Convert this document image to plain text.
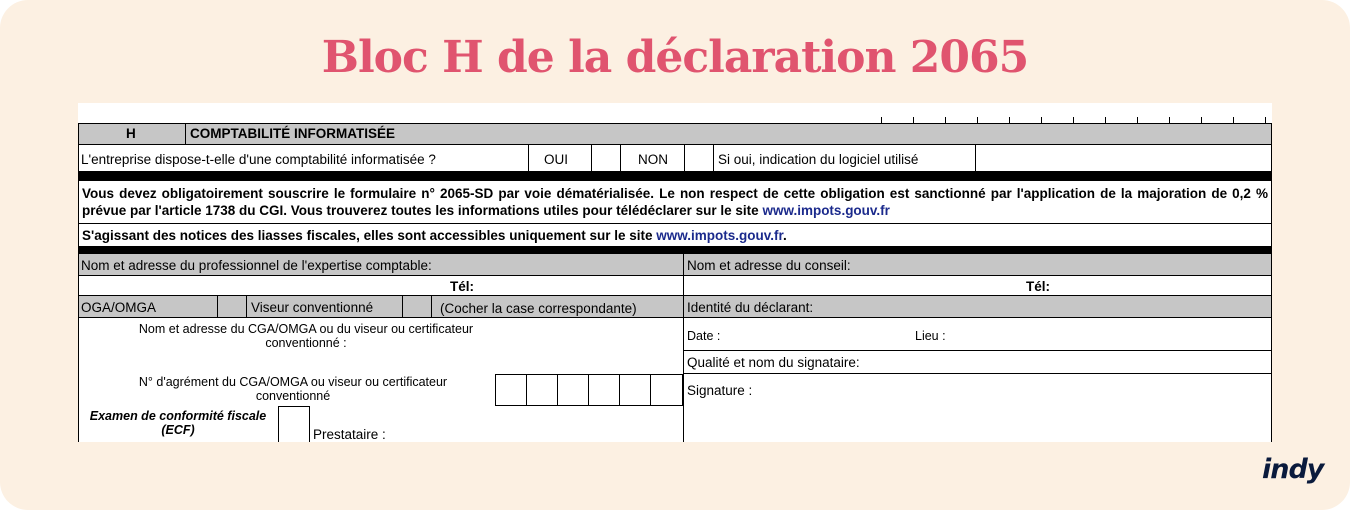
Bloc H de la déclaration 2065
H	COMPTABILITÉ INFORMATISÉE
L'entreprise dispose-t-elle d'une comptabilité informatisée ?	OUI	NON	Si oui, indication du logiciel utilisé
Vous devez obligatoirement souscrire le formulaire n° 2065-SD par voie dématérialisée. Le non respect de cette obligation est sanctionné par l'application de la majoration de 0,2 % prévue par l'article 1738 du CGI. Vous trouverez toutes les informations utiles pour télédéclarer sur le site www.impots.gouv.fr
S'agissant des notices des liasses fiscales, elles sont accessibles uniquement sur le site www.impots.gouv.fr.
Nom et adresse du professionnel de l'expertise comptable:	Nom et adresse du conseil:
Tél:	Tél:
OGA/OMGA	Viseur conventionné	(Cocher la case correspondante)	Identité du déclarant:
Nom et adresse du CGA/OMGA ou du viseur ou certificateur conventionné :	Date :	Lieu :
Qualité et nom du signataire:
Signature :
N° d'agrément du CGA/OMGA ou viseur ou certificateur conventionné
Examen de conformité fiscale (ECF)	Prestataire :
indy
